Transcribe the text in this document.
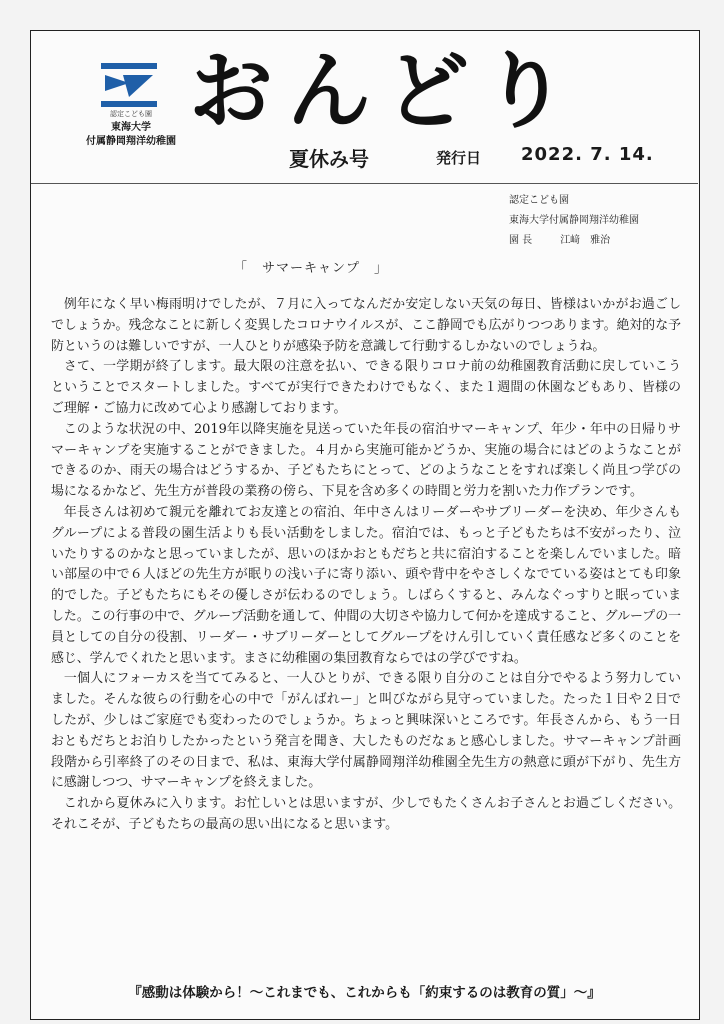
認定こども園
東海大学
付属静岡翔洋幼稚園
おんどり
夏休み号	発行日 2022. 7. 14.
認定こども園
東海大学付属静岡翔洋幼稚園
園 長	江﨑　雅治
「　サマーキャンプ　」

例年になく早い梅雨明けでしたが、７月に入ってなんだか安定しない天気の毎日、皆様はいかがお過ごしでしょうか。残念なことに新しく変異したコロナウイルスが、ここ静岡でも広がりつつあります。絶対的な予防というのは難しいですが、一人ひとりが感染予防を意識して行動するしかないのでしょうね。

さて、一学期が終了します。最大限の注意を払い、できる限りコロナ前の幼稚園教育活動に戻していこうということでスタートしました。すべてが実行できたわけでもなく、また１週間の休園などもあり、皆様のご理解・ご協力に改めて心より感謝しております。

このような状況の中、2019年以降実施を見送っていた年長の宿泊サマーキャンプ、年少・年中の日帰りサマーキャンプを実施することができました。４月から実施可能かどうか、実施の場合にはどのようなことができるのか、雨天の場合はどうするか、子どもたちにとって、どのようなことをすれば楽しく尚且つ学びの場になるかなど、先生方が普段の業務の傍ら、下見を含め多くの時間と労力を割いた力作プランです。

年長さんは初めて親元を離れてお友達との宿泊、年中さんはリーダーやサブリーダーを決め、年少さんもグループによる普段の園生活よりも長い活動をしました。宿泊では、もっと子どもたちは不安がったり、泣いたりするのかなと思っていましたが、思いのほかおともだちと共に宿泊することを楽しんでいました。暗い部屋の中で６人ほどの先生方が眠りの浅い子に寄り添い、頭や背中をやさしくなでている姿はとても印象的でした。子どもたちにもその優しさが伝わるのでしょう。しばらくすると、みんなぐっすりと眠っていました。この行事の中で、グループ活動を通して、仲間の大切さや協力して何かを達成すること、グループの一員としての自分の役割、リーダー・サブリーダーとしてグループをけん引していく責任感など多くのことを感じ、学んでくれたと思います。まさに幼稚園の集団教育ならではの学びですね。

一個人にフォーカスを当ててみると、一人ひとりが、できる限り自分のことは自分でやるよう努力していました。そんな彼らの行動を心の中で「がんばれー」と叫びながら見守っていました。たった１日や２日でしたが、少しはご家庭でも変わったのでしょうか。ちょっと興味深いところです。年長さんから、もう一日おともだちとお泊りしたかったという発言を聞き、大したものだなぁと感心しました。サマーキャンプ計画段階から引率終了のその日まで、私は、東海大学付属静岡翔洋幼稚園全先生方の熱意に頭が下がり、先生方に感謝しつつ、サマーキャンプを終えました。

これから夏休みに入ります。お忙しいとは思いますが、少しでもたくさんお子さんとお過ごしください。それこそが、子どもたちの最高の思い出になると思います。

『感動は体験から！〜これまでも、これからも「約束するのは教育の質」〜』
